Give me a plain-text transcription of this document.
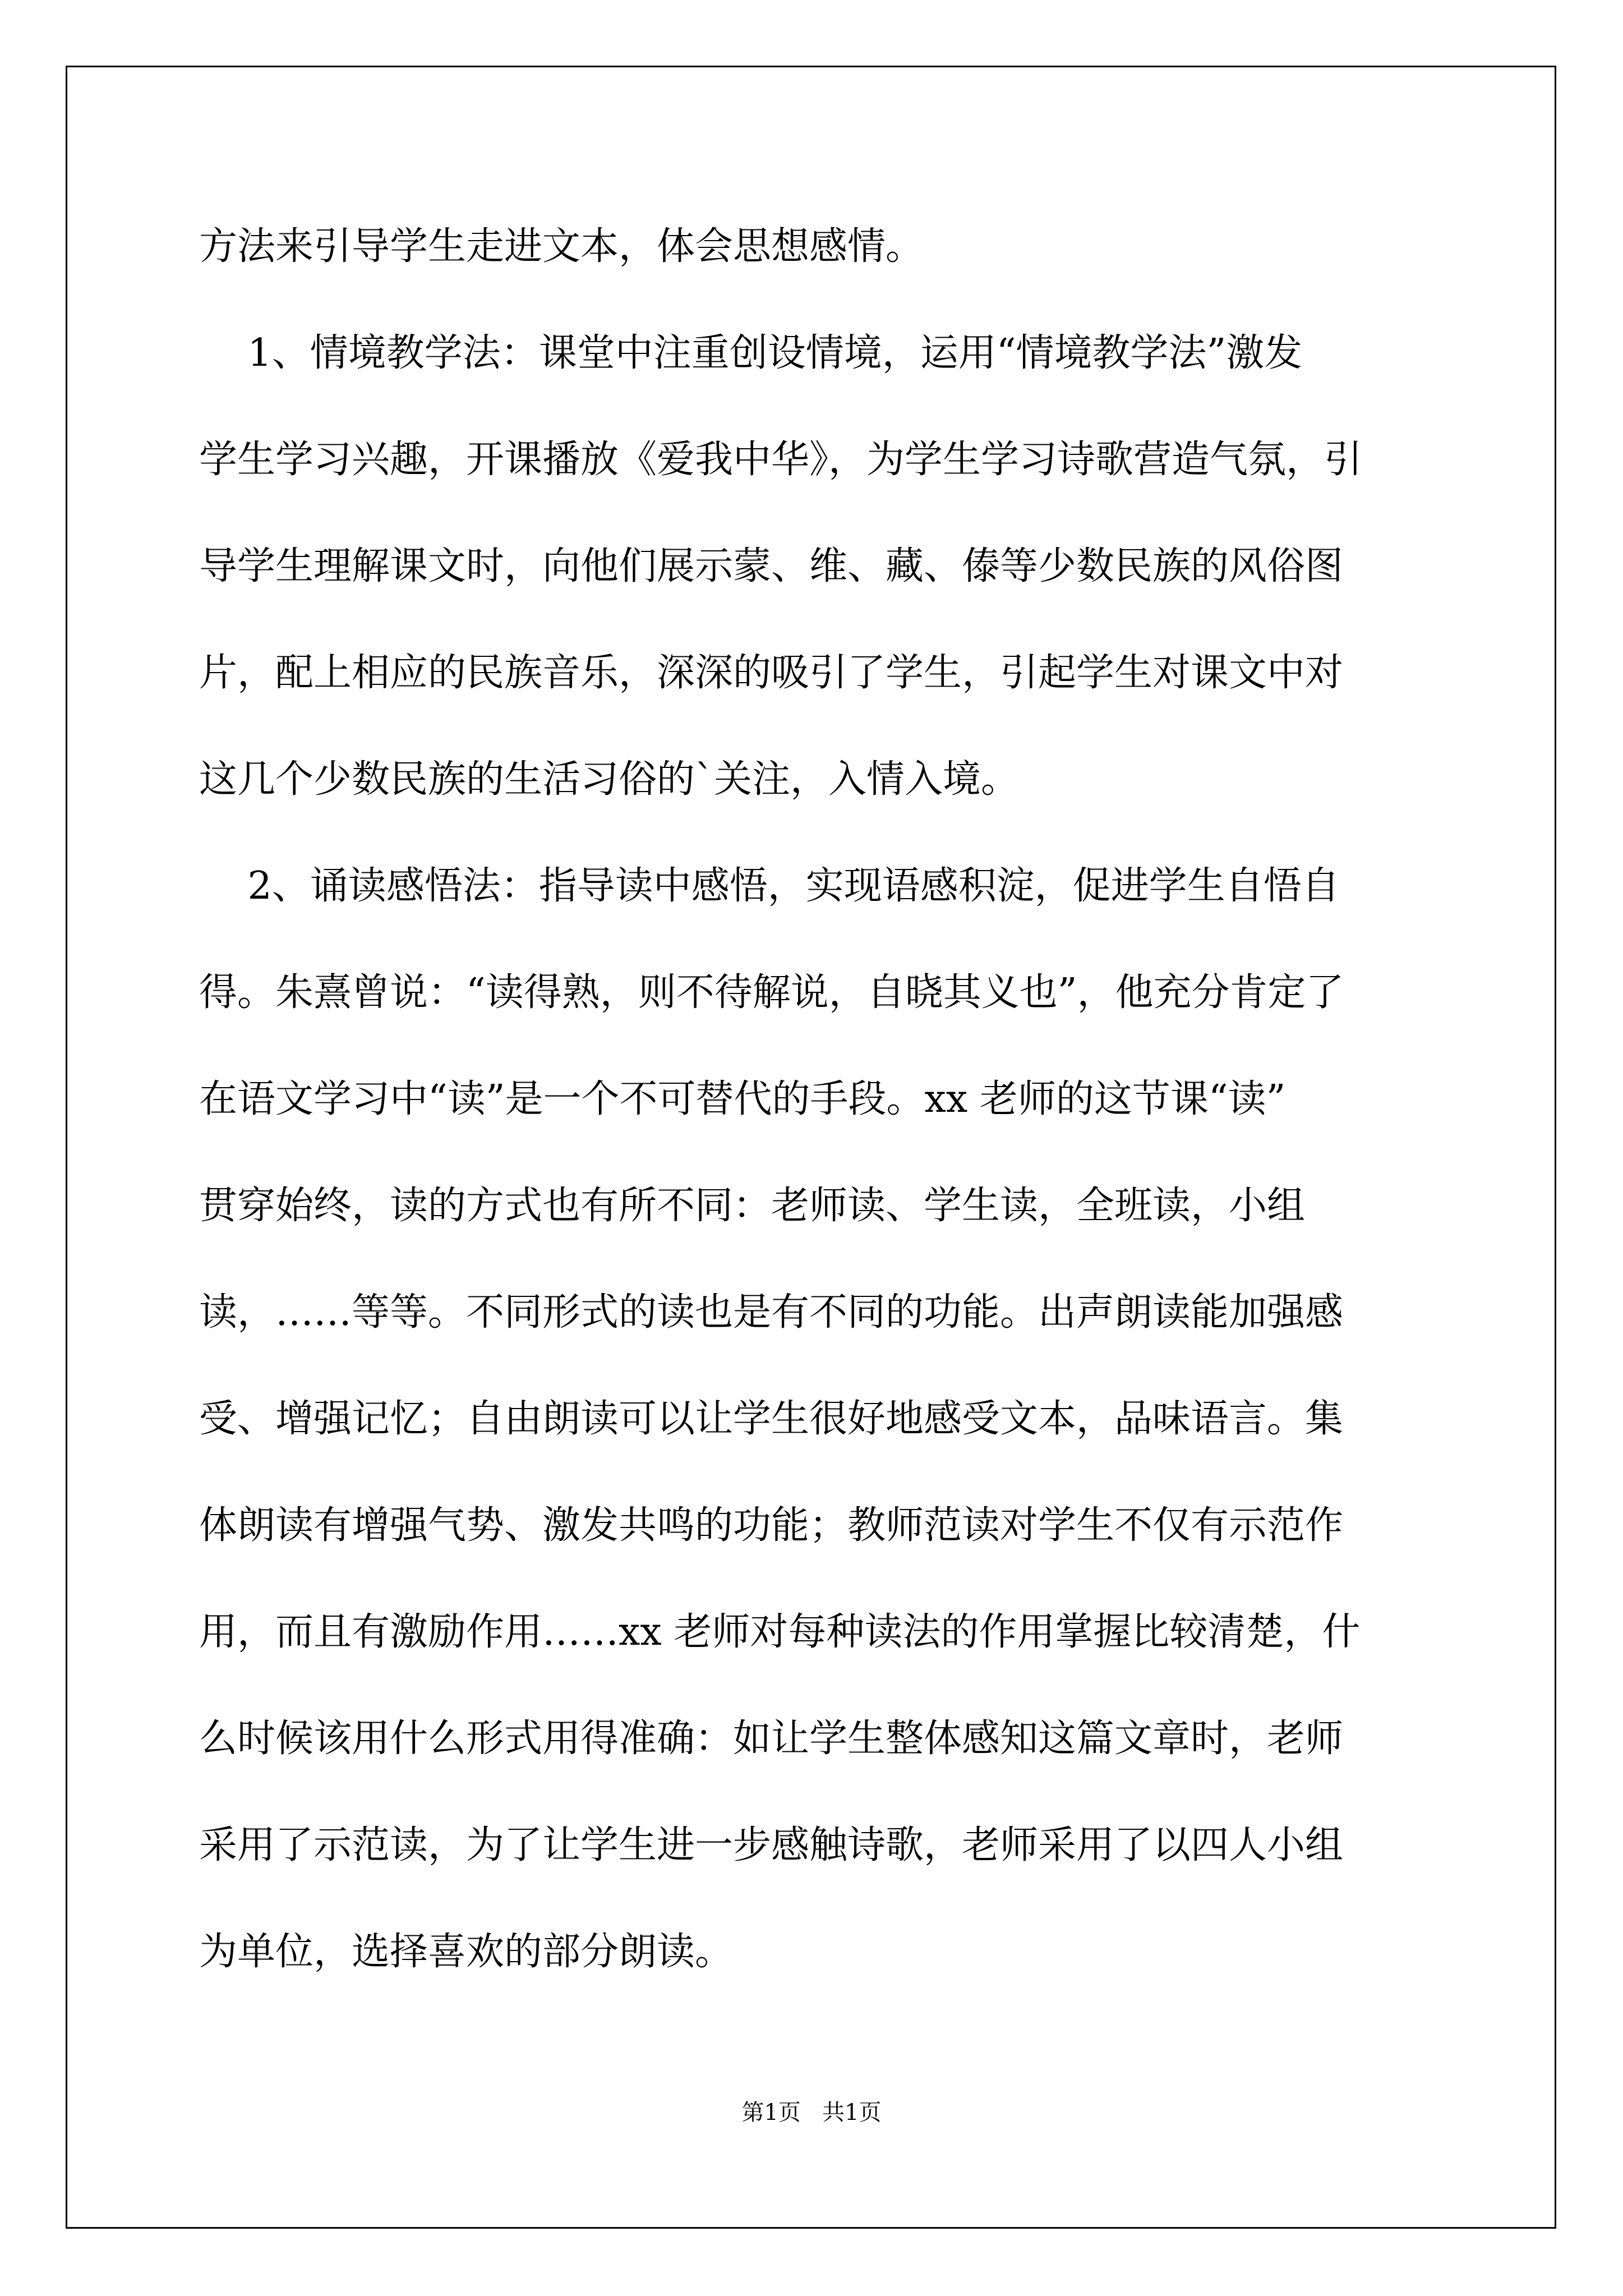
方法来引导学生走进文本，体会思想感情。
1、情境教学法：课堂中注重创设情境，运用“情境教学法”激发
学生学习兴趣，开课播放《爱我中华》，为学生学习诗歌营造气氛，引
导学生理解课文时，向他们展示蒙、维、藏、傣等少数民族的风俗图
片，配上相应的民族音乐，深深的吸引了学生，引起学生对课文中对
这几个少数民族的生活习俗的`关注，入情入境。
2、诵读感悟法：指导读中感悟，实现语感积淀，促进学生自悟自
得。朱熹曾说：“读得熟，则不待解说，自晓其义也”，他充分肯定了
在语文学习中“读”是一个不可替代的手段。xx 老师的这节课“读”
贯穿始终，读的方式也有所不同：老师读、学生读，全班读，小组
读，……等等。不同形式的读也是有不同的功能。出声朗读能加强感
受、增强记忆；自由朗读可以让学生很好地感受文本，品味语言。集
体朗读有增强气势、激发共鸣的功能；教师范读对学生不仅有示范作
用，而且有激励作用……xx 老师对每种读法的作用掌握比较清楚，什
么时候该用什么形式用得准确：如让学生整体感知这篇文章时，老师
采用了示范读，为了让学生进一步感触诗歌，老师采用了以四人小组
为单位，选择喜欢的部分朗读。
第1页   共1页
